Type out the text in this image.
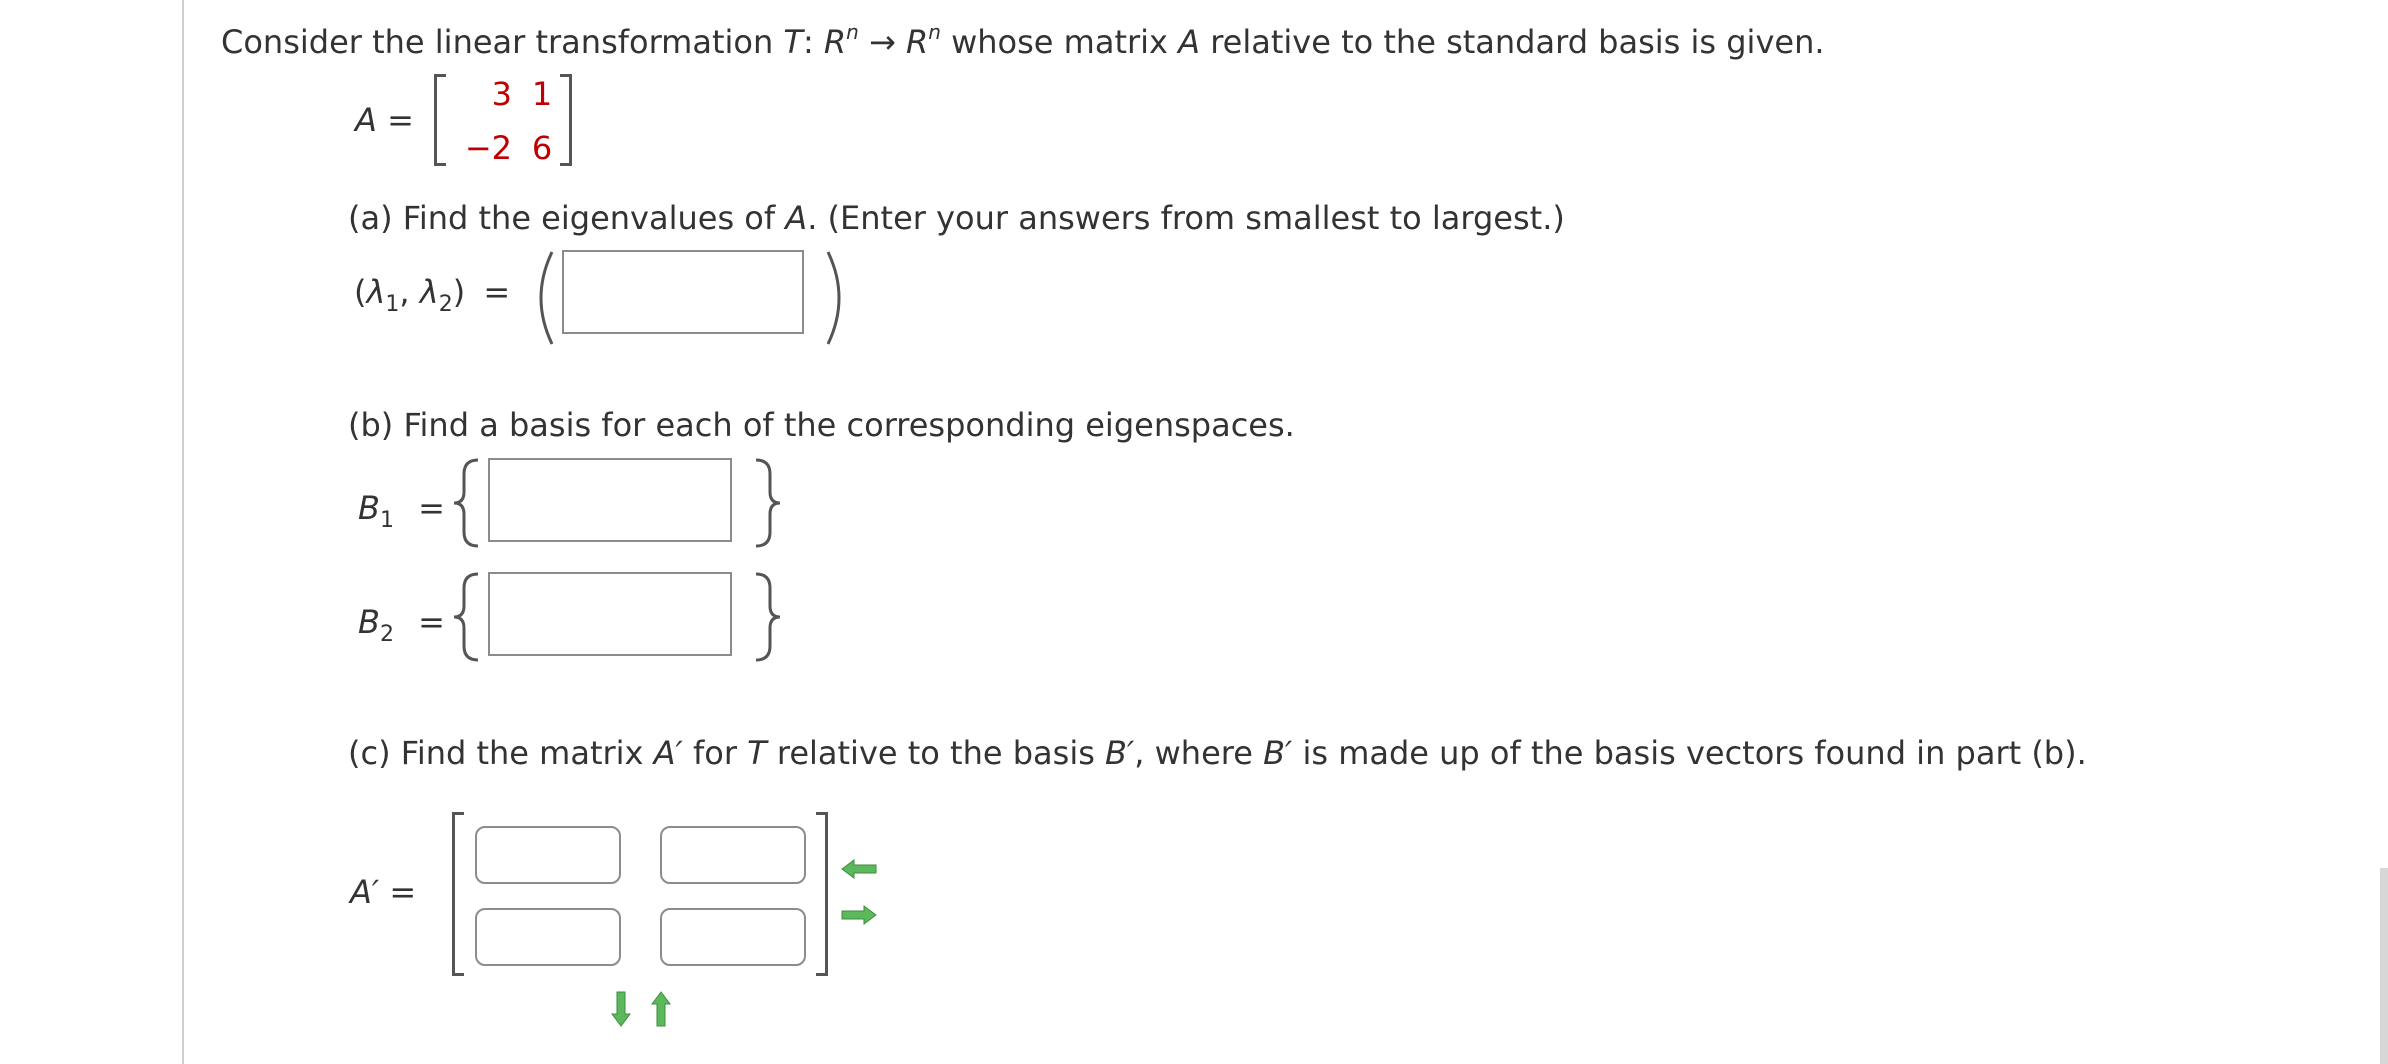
Consider the linear transformation T: $R^n \to R^n$ whose matrix A relative to the standard basis is given.
A =
3 1
−2 6
(a) Find the eigenvalues of A. (Enter your answers from smallest to largest.)
($\lambda_1$, $\lambda_2$) =
(b) Find a basis for each of the corresponding eigenspaces.
$B_1$ =
$B_2$ =
(c) Find the matrix A′ for T relative to the basis B′, where B′ is made up of the basis vectors found in part (b).
A′ =
